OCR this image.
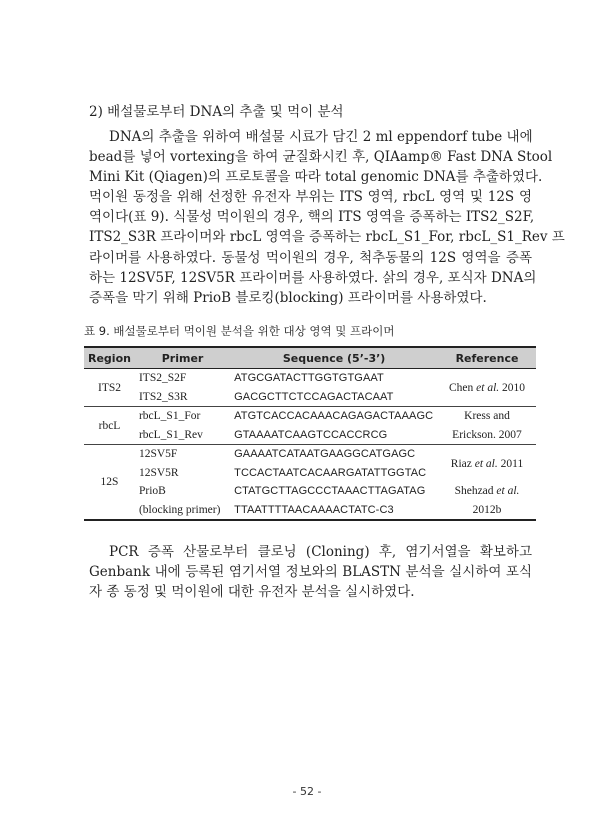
2) 배설물로부터 DNA의 추출 및 먹이 분석
DNA의 추출을 위하여 배설물 시료가 담긴 2 ml eppendorf tube 내에
bead를 넣어 vortexing을 하여 균질화시킨 후, QIAamp® Fast DNA Stool
Mini Kit (Qiagen)의 프로토콜을 따라 total genomic DNA를 추출하였다.
먹이원 동정을 위해 선정한 유전자 부위는 ITS 영역, rbcL 영역 및 12S 영
역이다(표 9). 식물성 먹이원의 경우, 핵의 ITS 영역을 증폭하는 ITS2_S2F,
ITS2_S3R 프라이머와 rbcL 영역을 증폭하는 rbcL_S1_For, rbcL_S1_Rev 프
라이머를 사용하였다. 동물성 먹이원의 경우, 척추동물의 12S 영역을 증폭
하는 12SV5F, 12SV5R 프라이머를 사용하였다. 삵의 경우, 포식자 DNA의
증폭을 막기 위해 PrioB 블로킹(blocking) 프라이머를 사용하였다.
표 9. 배설물로부터 먹이원 분석을 위한 대상 영역 및 프라이머
Region	Primer	Sequence (5’-3’)	Reference
ITS2	ITS2_S2F	ATGCGATACTTGGTGTGAAT	Chen et al. 2010
	ITS2_S3R	GACGCTTCTCCAGACTACAAT	
rbcL	rbcL_S1_For	ATGTCACCACAAACAGAGACTAAAGC	Kress and
	rbcL_S1_Rev	GTAAAATCAAGTCCACCRCG	Erickson. 2007
12S	12SV5F	GAAAATCATAATGAAGGCATGAGC	Riaz et al. 2011
	12SV5R	TCCACTAATCACAARGATATTGGTAC	
	PrioB	CTATGCTTAGCCCTAAACTTAGATAG	Shehzad et al.
	(blocking primer)	TTAATTTTAACAAAACTATC-C3	2012b
PCR 증폭 산물로부터 클로닝 (Cloning) 후, 염기서열을 확보하고
Genbank 내에 등록된 염기서열 정보와의 BLASTN 분석을 실시하여 포식
자 종 동정 및 먹이원에 대한 유전자 분석을 실시하였다.
- 52 -
